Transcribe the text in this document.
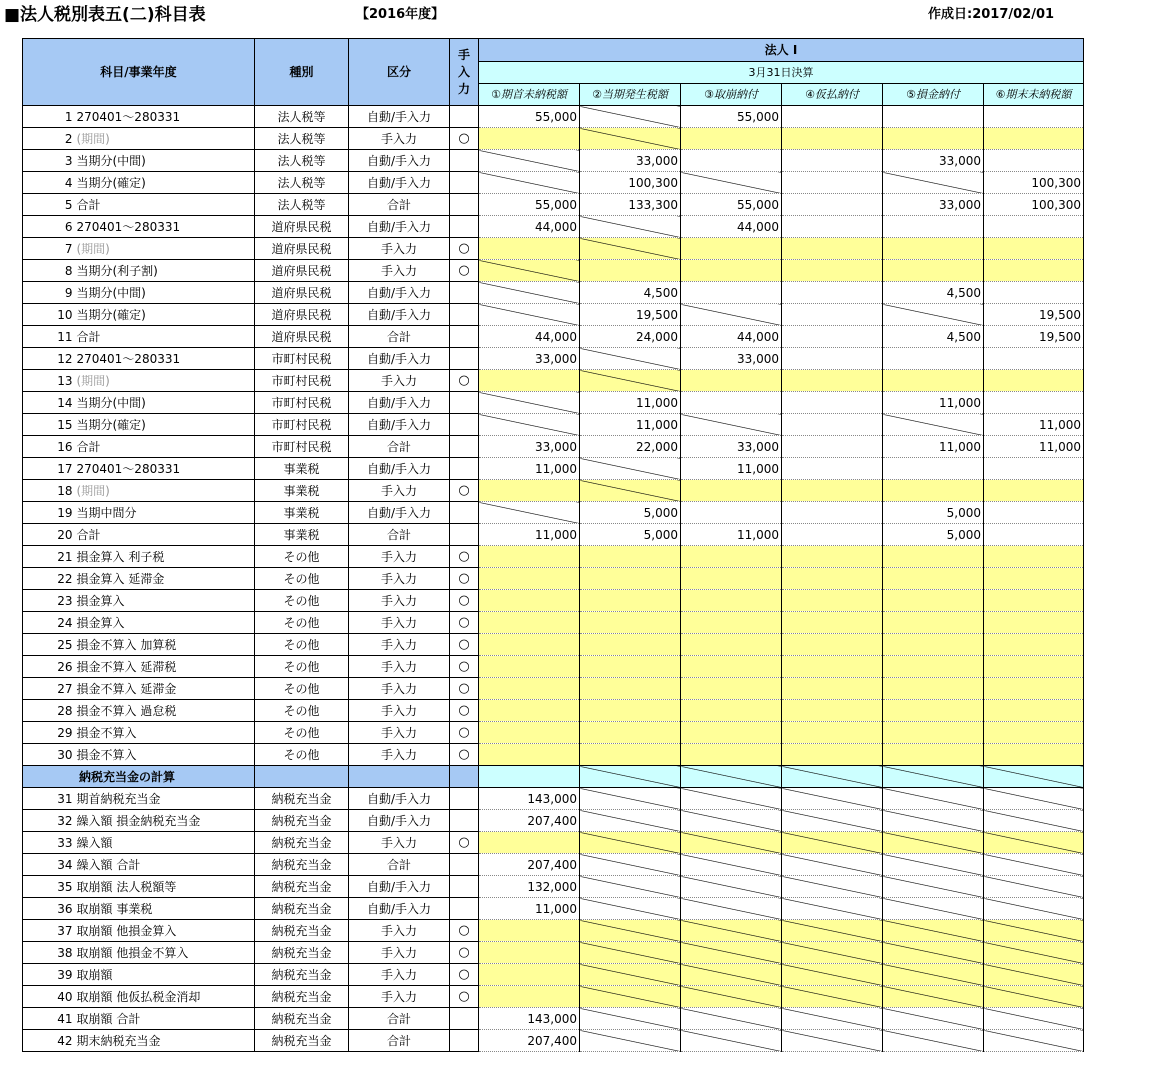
■法人税別表五(二)科目表	【2016年度】	作成日:2017/02/01
科目/事業年度		種別	区分	手入力	法人 Ⅰ					
					3月31日決算					
					①期首未納税額	②当期発生税額	③取崩納付	④仮払納付	⑤損金納付	⑥期末未納税額
1	270401～280331	法人税等	自動/手入力		55,000		55,000			
2	(期間)	法人税等	手入力	○						
3	当期分(中間)	法人税等	自動/手入力			33,000			33,000	
4	当期分(確定)	法人税等	自動/手入力			100,300				100,300
5	合計	法人税等	合計		55,000	133,300	55,000		33,000	100,300
6	270401～280331	道府県民税	自動/手入力		44,000		44,000			
7	(期間)	道府県民税	手入力	○						
8	当期分(利子割)	道府県民税	手入力	○						
9	当期分(中間)	道府県民税	自動/手入力			4,500			4,500	
10	当期分(確定)	道府県民税	自動/手入力			19,500				19,500
11	合計	道府県民税	合計		44,000	24,000	44,000		4,500	19,500
12	270401～280331	市町村民税	自動/手入力		33,000		33,000			
13	(期間)	市町村民税	手入力	○						
14	当期分(中間)	市町村民税	自動/手入力			11,000			11,000	
15	当期分(確定)	市町村民税	自動/手入力			11,000				11,000
16	合計	市町村民税	合計		33,000	22,000	33,000		11,000	11,000
17	270401～280331	事業税	自動/手入力		11,000		11,000			
18	(期間)	事業税	手入力	○						
19	当期中間分	事業税	自動/手入力			5,000			5,000	
20	合計	事業税	合計		11,000	5,000	11,000		5,000	
21	損金算入 利子税	その他	手入力	○						
22	損金算入 延滞金	その他	手入力	○						
23	損金算入	その他	手入力	○						
24	損金算入	その他	手入力	○						
25	損金不算入 加算税	その他	手入力	○						
26	損金不算入 延滞税	その他	手入力	○						
27	損金不算入 延滞金	その他	手入力	○						
28	損金不算入 過怠税	その他	手入力	○						
29	損金不算入	その他	手入力	○						
30	損金不算入	その他	手入力	○						
納税充当金の計算										
31	期首納税充当金	納税充当金	自動/手入力		143,000					
32	繰入額 損金納税充当金	納税充当金	自動/手入力		207,400					
33	繰入額	納税充当金	手入力	○						
34	繰入額 合計	納税充当金	合計		207,400					
35	取崩額 法人税額等	納税充当金	自動/手入力		132,000					
36	取崩額 事業税	納税充当金	自動/手入力		11,000					
37	取崩額 他損金算入	納税充当金	手入力	○						
38	取崩額 他損金不算入	納税充当金	手入力	○						
39	取崩額	納税充当金	手入力	○						
40	取崩額 他仮払税金消却	納税充当金	手入力	○						
41	取崩額 合計	納税充当金	合計		143,000					
42	期末納税充当金	納税充当金	合計		207,400					
